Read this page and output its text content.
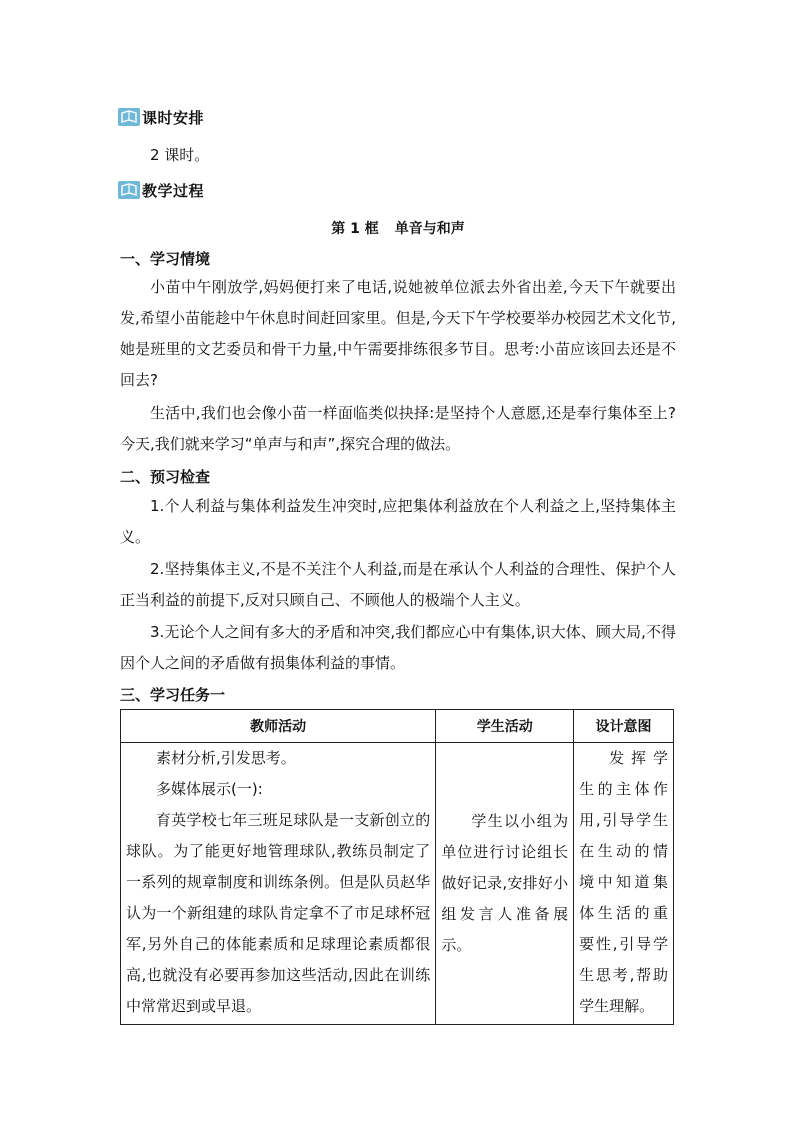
课时安排
2 课时。
教学过程
第 1 框 单音与和声
一、学习情境
小苗中午刚放学,妈妈便打来了电话,说她被单位派去外省出差,今天下午就要出发,希望小苗能趁中午休息时间赶回家里。但是,今天下午学校要举办校园艺术文化节,她是班里的文艺委员和骨干力量,中午需要排练很多节目。思考:小苗应该回去还是不回去?
生活中,我们也会像小苗一样面临类似抉择:是坚持个人意愿,还是奉行集体至上? 今天,我们就来学习“单声与和声”,探究合理的做法。
二、预习检查
1.个人利益与集体利益发生冲突时,应把集体利益放在个人利益之上,坚持集体主义。
2.坚持集体主义,不是不关注个人利益,而是在承认个人利益的合理性、保护个人正当利益的前提下,反对只顾自己、不顾他人的极端个人主义。
3.无论个人之间有多大的矛盾和冲突,我们都应心中有集体,识大体、顾大局,不得因个人之间的矛盾做有损集体利益的事情。
三、学习任务一
教师活动	学生活动	设计意图

素材分析,引发思考。
多媒体展示(一):
育英学校七年三班足球队是一支新创立的球队。为了能更好地管理球队,教练员制定了一系列的规章制度和训练条例。但是队员赵华认为一个新组建的球队肯定拿不了市足球杯冠军,另外自己的体能素质和足球理论素质都很高,也就没有必要再参加这些活动,因此在训练中常常迟到或早退。	学生以小组为单位进行讨论组长做好记录,安排好小组发言人准备展示。	发挥学生的主体作用,引导学生在生动的情境中知道集体生活的重要性,引导学生思考,帮助学生理解。
